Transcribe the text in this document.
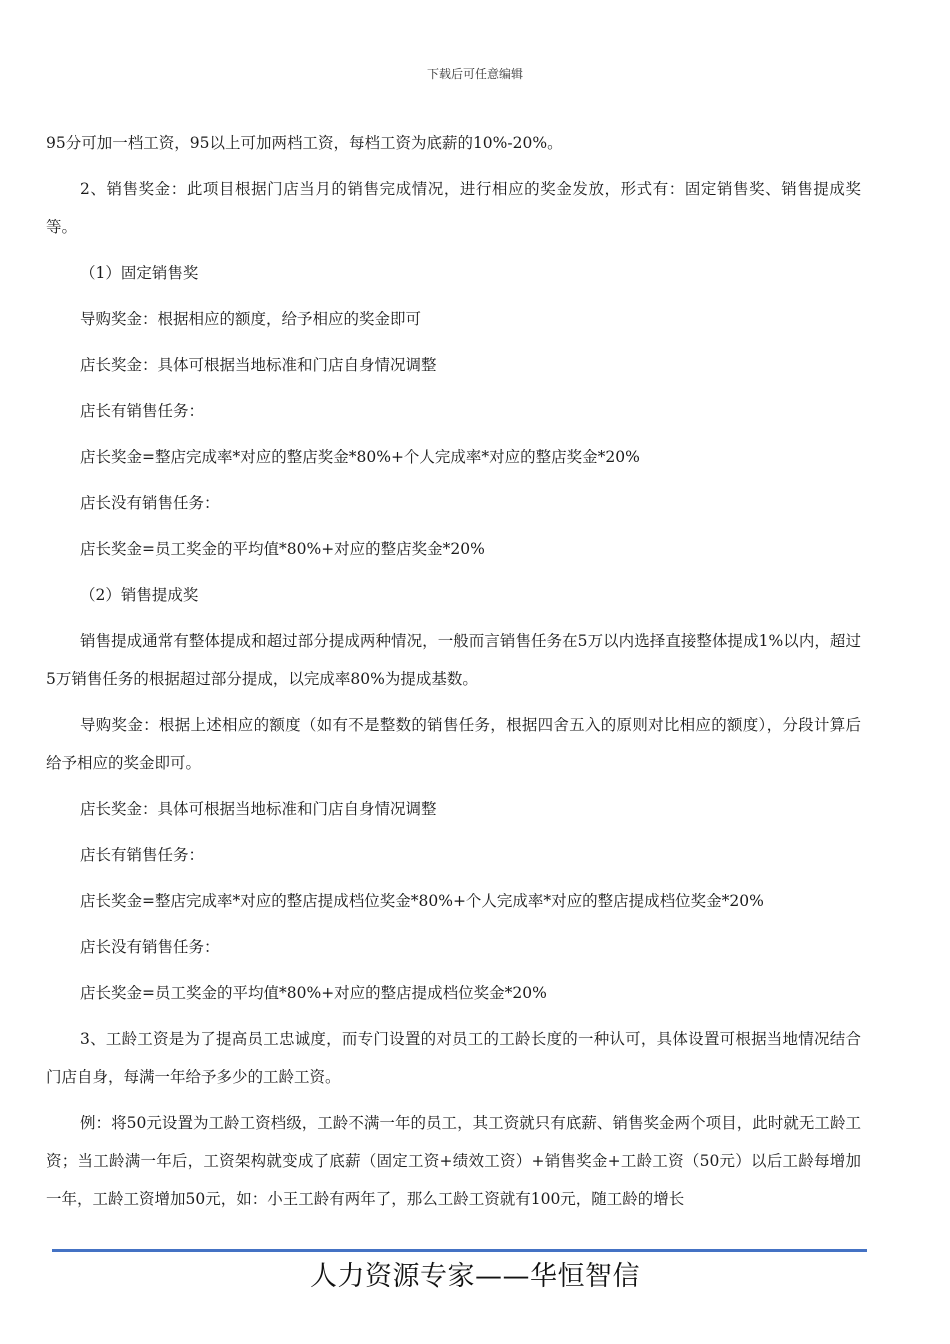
下载后可任意编辑

95分可加一档工资，95以上可加两档工资，每档工资为底薪的10%-20%。

2、销售奖金：此项目根据门店当月的销售完成情况，进行相应的奖金发放，形式有：固定销售奖、销售提成奖等。

（1）固定销售奖

导购奖金：根据相应的额度，给予相应的奖金即可

店长奖金：具体可根据当地标准和门店自身情况调整

店长有销售任务：

店长奖金=整店完成率*对应的整店奖金*80%+个人完成率*对应的整店奖金*20%

店长没有销售任务：

店长奖金=员工奖金的平均值*80%+对应的整店奖金*20%

（2）销售提成奖

销售提成通常有整体提成和超过部分提成两种情况，一般而言销售任务在5万以内选择直接整体提成1%以内，超过5万销售任务的根据超过部分提成，以完成率80%为提成基数。

导购奖金：根据上述相应的额度（如有不是整数的销售任务，根据四舍五入的原则对比相应的额度），分段计算后给予相应的奖金即可。

店长奖金：具体可根据当地标准和门店自身情况调整

店长有销售任务：

店长奖金=整店完成率*对应的整店提成档位奖金*80%+个人完成率*对应的整店提成档位奖金*20%

店长没有销售任务：

店长奖金=员工奖金的平均值*80%+对应的整店提成档位奖金*20%

3、工龄工资是为了提高员工忠诚度，而专门设置的对员工的工龄长度的一种认可，具体设置可根据当地情况结合门店自身，每满一年给予多少的工龄工资。

例：将50元设置为工龄工资档级，工龄不满一年的员工，其工资就只有底薪、销售奖金两个项目，此时就无工龄工资；当工龄满一年后，工资架构就变成了底薪（固定工资+绩效工资）+销售奖金+工龄工资（50元）以后工龄每增加一年，工龄工资增加50元，如：小王工龄有两年了，那么工龄工资就有100元，随工龄的增长

人力资源专家——华恒智信
